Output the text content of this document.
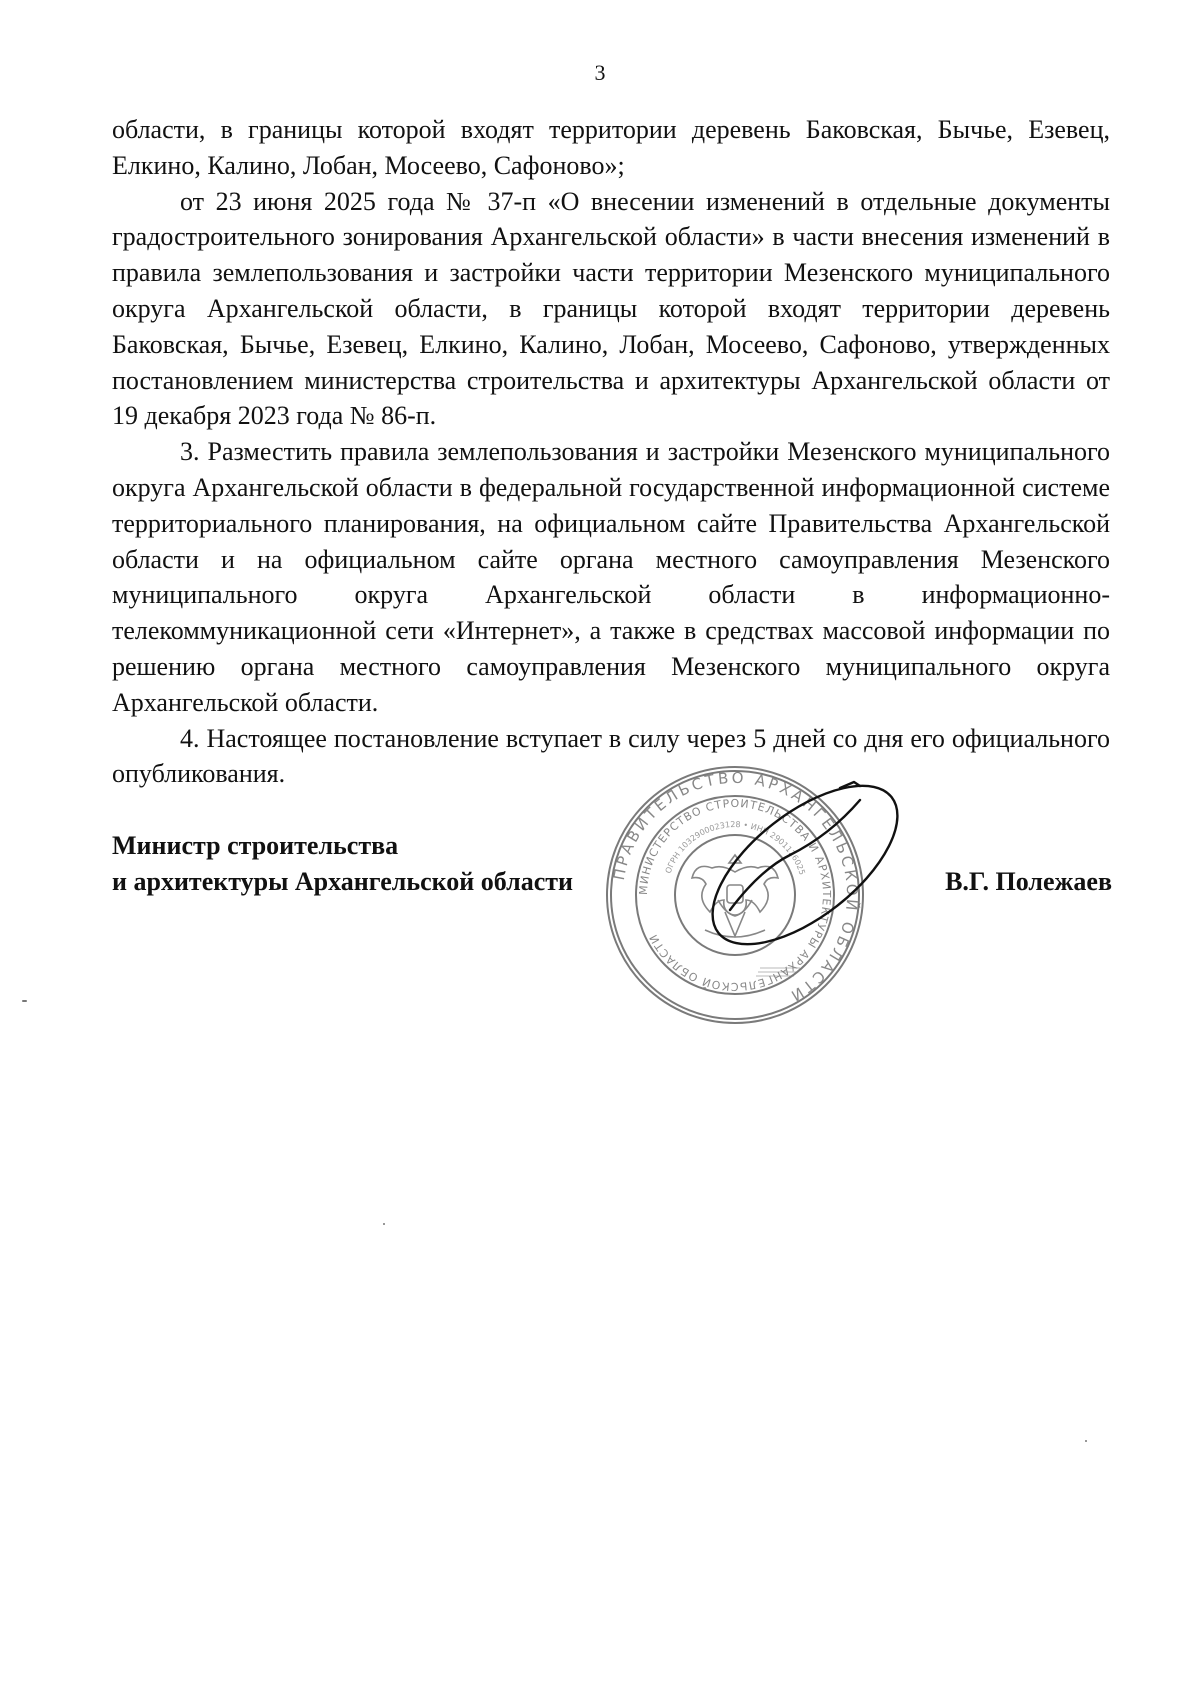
3

области, в границы которой входят территории деревень Баковская, Бычье, Езевец, Елкино, Калино, Лобан, Мосеево, Сафоново»;

от 23 июня 2025 года № 37-п «О внесении изменений в отдельные документы градостроительного зонирования Архангельской области» в части внесения изменений в правила землепользования и застройки части территории Мезенского муниципального округа Архангельской области, в границы которой входят территории деревень Баковская, Бычье, Езевец, Елкино, Калино, Лобан, Мосеево, Сафоново, утвержденных постановлением министерства строительства и архитектуры Архангельской области от 19 декабря 2023 года № 86-п.

3. Разместить правила землепользования и застройки Мезенского муниципального округа Архангельской области в федеральной государственной информационной системе территориального планирования, на официальном сайте Правительства Архангельской области и на официальном сайте органа местного самоуправления Мезенского муниципального округа Архангельской области в информационно-телекоммуникационной сети «Интернет», а также в средствах массовой информации по решению органа местного самоуправления Мезенского муниципального округа Архангельской области.

4. Настоящее постановление вступает в силу через 5 дней со дня его официального опубликования.

Министр строительства
и архитектуры Архангельской области	В.Г. Полежаев
ПРАВИТЕЛЬСТВО АРХАНГЕЛЬСКОЙ ОБЛАСТИ
МИНИСТЕРСТВО СТРОИТЕЛЬСТВА И АРХИТЕКТУРЫ АРХАНГЕЛЬСКОЙ ОБЛАСТИ
ОГРН 1032900023128 • ИНН 2901126025
